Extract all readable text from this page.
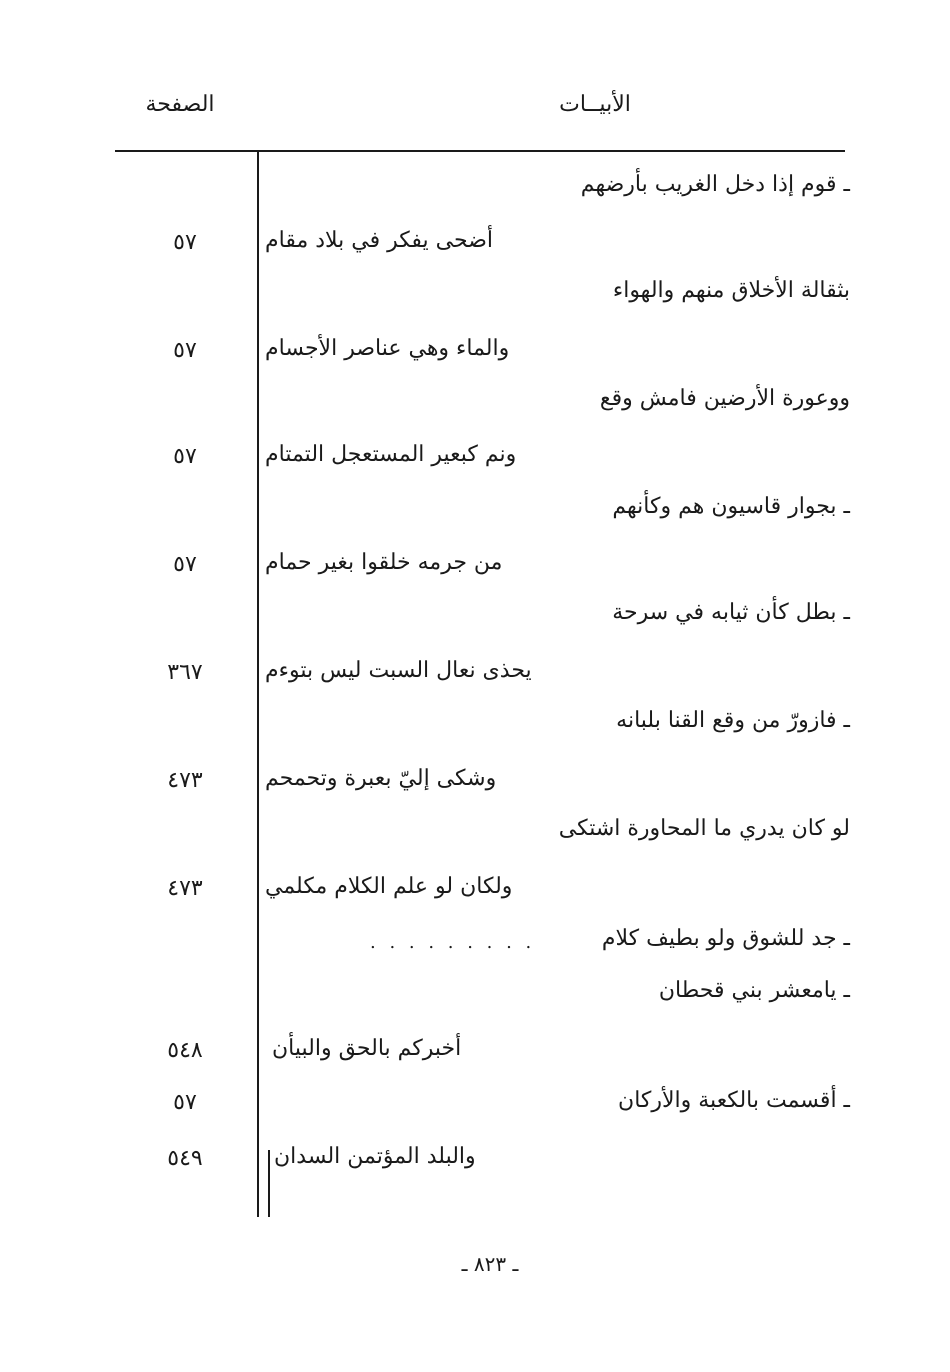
الأبيــات
الصفحة
ـ قوم إذا دخل الغريب بأرضهم
أضحى يفكر في بلاد مقام
٥٧
بثقالة الأخلاق منهم والهواء
والماء وهي عناصر الأجسام
٥٧
ووعورة الأرضين فامش وقع
ونم كبعير المستعجل التمتام
٥٧
ـ بجوار قاسيون هم وكأنهم
من جرمه خلقوا بغير حمام
٥٧
ـ بطل كأن ثيابه في سرحة
يحذى نعال السبت ليس بتوءم
٣٦٧
ـ فازورّ من وقع القنا بلبانه
وشكى إليّ بعبرة وتحمحم
٤٧٣
لو كان يدري ما المحاورة اشتكى
ولكان لو علم الكلام مكلمي
٤٧٣
ـ جد للشوق ولو بطيف كلام
. . . . . . . . .
ـ يامعشر بني قحطان
أخبركم بالحق والبيأن
٥٤٨
ـ أقسمت بالكعبة والأركان
٥٧
والبلد المؤتمن السدان
٥٤٩
ـ ٨٢٣ ـ
